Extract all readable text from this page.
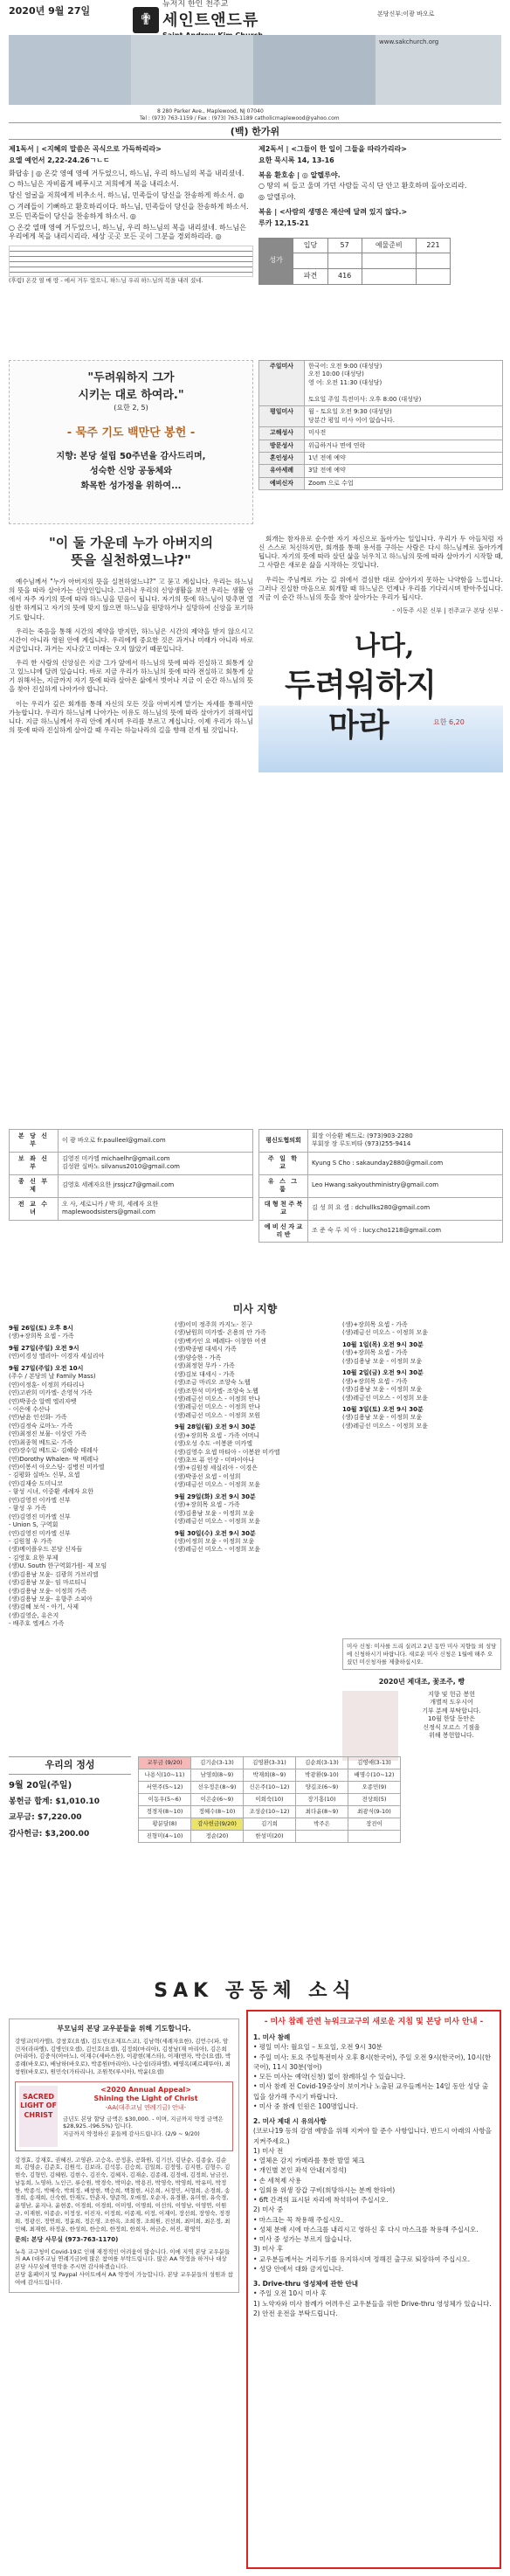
2020년 9월 27일	✟
뉴저지 한인 천주교
세인트앤드류	본당신부:이광 바오로
www.sakchurch.org
8 280 Parker Ave., Maplewood, NJ 07040
Tel : (973) 763-1159 / Fax : (973) 763-1189 catholicmaplewood@yahoo.com
(백) 한가위

제1독서 | <지혜의 말씀은 곡식으로 가득하리라>

요엘 예언서 2,22-24.26ㄱㄴㄷ

화답송 | ◎ 온갖 영예 영예 거두었으니, 하느님, 우리 하느님의 복을 내리셨네.

○ 하느님은 자비롭게 베푸시고 저희에게 복을 내리소서.

당신 얼굴을 저희에게 비추소서. 하느님, 민족들이 당신을 찬송하게 하소서. ◎

○ 겨레들이 기뻐하고 환호하리이다. 하느님, 민족들이 당신을 찬송하게 하소서. 모든 민족들이 당신을 찬송하게 하소서. ◎

○ 온갖 열매 영예 거두었으니, 하느님, 우리 하느님의 복을 내리셨네. 하느님은 우리에게 복을 내리시리라. 세상 곳곳 모든 곳이 그분을 경외하리라. ◎

(후렴) 온갖 열 매 땅 - 에서 거두 었으니, 하느님 우리 하느님의 복을 내려 셨네.

제2독서 | <그들이 한 일이 그들을 따라가리라>

요한 묵시록 14, 13-16

복음 환호송 | ◎ 알렐루야.

○ 땅의 씨 들고 울며 가던 사람들 곡식 단 안고 환호하며 돌아오리라.

◎ 알렐루야.

복음 | <사람의 생명은 재산에 달려 있지 않다.>

루카 12,15-21

성가	입당	57	예물준비	221

	파견	416		
"두려워하지 그가
시키는 대로 하여라."
(요한 2, 5)
- 묵주 기도 백만단 봉헌 -
지향: 본당 설립 50주년을 감사드리며,
성숙한 신앙 공동체와
화목한 성가정을 위하여...
주일미사	한국어: 오전 9:00 (대성당)
오전 10:00 (대성당)
영 어: 오전 11:30 (대성당)

토요일 주일 특전미사: 오후 8:00 (대성당)
평일미사	월 - 토요일 오전 9:30 (대성당)
당분간 평일 미사 이어 없습니다.
고해성사	미사전
방문성사	위급하거나 면에 연락
혼인성사	1년 전에 예약
유아세례	3달 전에 예약
예비신자	Zoom 으로 수업
"이 둘 가운데 누가 아버지의
뜻을 실천하였느냐?"

예수님께서 "누가 아버지의 뜻을 실천하였느냐?" 고 묻고 계십니다. 우리는 하느님의 뜻을 따라 살아가는 신앙인입니다. 그러나 우리의 신앙생활을 보면 우리는 생활 안에서 자주 자기의 뜻에 따라 하느님을 믿음이 됩니다. 자기의 뜻에 하느님이 맞추면 열심한 하게되고 자기의 뜻에 맞지 않으면 하느님을 원망하거나 실망하여 신앙을 포기하기도 합니다.

우리는 죽음을 통해 시간의 제약을 받지만, 하느님은 시간의 제약을 받지 않으시고 시간이 아니라 영원 안에 계십니다. 우리에게 중요한 것은 과거나 미래가 아니라 바로 지금입니다. 과거는 지나갔고 미래는 오지 않았기 때문입니다.

우리 한 사람의 신앙심은 지금 그가 앞에서 하느님의 뜻에 따라 진실하고 회통게 살고 있느냐에 달려 있습니다. 바로 지금 우리가 하느님의 뜻에 따라 전실하고 회통게 살기 위해서는, 지금까지 자기 뜻에 따라 살아온 삶에서 벗어나 지금 이 순간 하느님의 뜻을 찾아 진실하게 나아가야 합니다.

이는 우리가 깊은 회개를 통해 자신의 모든 것을 아버지께 맡기는 자세를 통해서만 가능합니다. 우리가 하느님께 나아가는 이유도 하느님의 뜻에 따라 살아가기 위해서입니다. 지금 하느님께서 우리 안에 계시며 우리를 부르고 계십니다. 이제 우리가 하느님의 뜻에 따라 진실하게 살아갈 때 우리는 하늘나라의 길을 향해 걷게 될 것입니다.

회개는 참자유로 순수한 자기 자신으로 돌아가는 일입니다. 우리가 두 아들처럼 자신 스스로 처신하지만, 회개를 통해 용서를 구하는 사람은 다시 하느님께로 돌아가게 됩니다. 자기의 뜻에 따라 살던 삶을 뉘우치고 하느님의 뜻에 따라 살아가기 시작할 때, 그 사람은 새로운 삶을 시작하는 것입니다.

우리는 주님께로 가는 길 위에서 결심한 대로 살아가지 못하는 나약함을 느낍니다. 그러나 진실한 마음으로 회개할 때 하느님은 언제나 우리를 기다리시며 받아주십니다. 지금 이 순간 하느님의 뜻을 찾아 살아가는 우리가 됩시다.

- 이동주 시몬 신부 | 전주교구 본당 신부 -

나다,
두려워하지
마라	요한 6,20
본 당 신 부	이 광 바오로 fr.paulleel@gmail.com
보 좌 신 부	김영진 미카엘 michaelhr@gmail.com
김성완 실바노 silvanus2010@gmail.com
종 신 부 제	김영호 세례자요한 jrssjcz7@gmail.com
전 교 수 녀	오 사, 세로니카 / 박 희, 세례자 요한 maplewoodsisters@gmail.com
평신도협의회	회장 이승환 베드로: (973)903-2280
부회장 장 루도비타 (973)255-9414
주 일 학 교	Kyung S Cho : sakaunday2880@gmail.com
유 스 그 룹	Leo Hwang:sakyouthministry@gmail.com
대 형 천 주 북 교	김 성 희 요 셉 : dchullks280@gmail.com
예 비 신 자 교 리 반	조 준 숙 루 치 아 : lucy.cho1218@gmail.com
미사 지향
9월 26일(토) 오후 8시
(생)+장희목 요셉 - 가족
9월 27일(주일) 오전 9시
(연)이경성 엘리아- 이경자 세실리아
9월 27일(주일) 오전 10시
(주수 / 본당의 날 Family Mass)
(연)이정훈- 이정희 카타리나
(연)고관희 미카엘- 손영석 가족
(연)박종순 알렉 엘리자벳
- 이은애 수산나
(연)남윤 인선화- 가족
(연)김정숙 로마노- 가족
(연)최정진 보물- 이상린 가족
(연)최종혁 베드로- 가족
(연)장수일 베드로- 김혜승 테레사
(연)Dorothy Whalen- 딱 베레나
(연)이봉서 아오스딩- 김병진 미카엘
- 김평화 실바노 신부, 요셉
(연)김재승 도미니코
- 함성 시녀, 이중환 세례자 요한
(연)김영진 이카엘 신부
- 함성 우 가족
(연)김영진 미카엘 신부
- Union S, 구역회
(연)김영진 미카엘 신부
- 김원철 우 가족
(생)메이플우드 본당 신자들
- 김영호 요한 부제
(생)U. South 한구역회가원- 제 모임
(생)김용남 모윤- 김광희 가브리엘
(생)김용남 모윤- 임 마르티니
(생)김용남 모윤- 이정희 가족
(생)김용남 모윤- 유향주 소피아
(생)김혜 보석 - 아기, 사제
(생)김영순, 유은지
- 배주호 엘케스 가족
(생)이미 정주희 카지노- 친구
(생)남원희 미카엘- 온용의 안 가족
(생)백카인 요 베레다- 이창한 어센
(생)박종범 대세시 가족
(생)양승한 - 가족
(생)최정현 무카 - 가족
(생)김보 대세시 - 가족
(생)조금 마리오 조앙숙 노웹
(생)조한석 미카엘- 조앙숙 노웹
(생)레금선 미오스 - 이정희 안나
(생)레금선 미오스 - 이정희 안나
(생)레금선 미오스 - 이정희 모원
9월 28일(월) 오전 9시 30분
(생)+장희목 요셉 - 가족 어머니
(생)오성 수도 -이봉완 미카엘
(생)김영수 요셉 마티아 - 이봉완 미카엘
(생)초프 퓨 인상 - 미바이아나
(생)+김원정 세실리아 - 이경은
(생)박종선 요셉 - 이성희
(생)데금선 미오스 - 이정희 모윤
9월 29일(화) 오전 9시 30분
(생)+장희목 요셉 - 가족
(생)김용남 모윤 - 이정희 모윤
(생)레금선 미오스 - 이정희 모윤
9월 30일(수) 오전 9시 30분
(생)이정희 모윤 - 이정희 모윤
(생)레금선 미오스 - 이정희 모윤
(생)+장희목 요셉 - 가족
(생)레금선 미오스 - 이정희 모윤
10월 1일(목) 오전 9시 30분
(생)+장희목 요셉 - 가족
(생)김용남 모윤 - 이정희 모윤
10월 2일(금) 오전 9시 30분
(생)+장희목 요셉 - 가족
(생)김용남 모윤 - 이정희 모윤
(생)레금선 미오스 - 이정희 모윤
10월 3일(토) 오전 9시 30분
(생)김용남 모윤 - 이정희 모윤
(생)레금선 미오스 - 이정희 모윤
미사 신청: 미사를 드리 실려고 2년 동안 미사 지향들 외 성당에 신청하시기 바랍니다. 새로운 미사 신청은 1월에 해주 오셨던 미신청자를 제출하십시오.
2020년 제대조, 꽃조주, 빵
지향 및 헌금 봉헌
개별적 도우시어
기부 분께 부탁합니다.
10월 한달 동안은
신정식 모르스 기점을
위해 봉헌합니다.
우리의 정성
9월 20일(주일)
봉헌금 합계: $1,010.10
교무금: $7,220.00
감사헌금: $3,200.00
교무금 (9/20)	김기순(3-13)	김영환(3-31)	김순희(3-13)	김영애(3-13)
나용식(10~11)	남영희(8~9)	박재희(8~9)	박광환(9-10)	배명수(10~12)
서연주(5~12)	선우정은(8~9)	신은주(10~12)	양길조(6~9)	오종민(9)
이동우(5~6)	이은순(6~9)	이희숙(10)	장기홍(10)	전상희(5)
정경자(8~10)	정혜수(8~10)	조성순(10~12)	최다윤(8~9)	최광식(9-10)
황분달(8)	감사헌금(9/20)	김기희	박주은	장진이
진형미(4~10)	정순(20)	한성미(20)		
SAK 공동체 소식
부모님의 본당 교우분들을 위해 기도합니다.
강영교(미카엘), 강창호(요셉), 김도빈(조제프스코), 김남혁(세례자요한), 김언수(파, 암건자(라파엘), 김병인(오셉), 김인호(요셉), 김정희(마리아), 김창남(재 마리아), 김은희(마리아), 김중식(아마노), 이재수(세바스찬), 이광현(체스타), 이재(엔자, 박승(요셉), 박종례(바오로), 배남하(바오로), 박종원(마리아), 나승섭(라파엘), 배영옥(페르페뚜아), 최창원(바오로), 원민숙(가타리나), 조원묵(루시아), 박윤(요셉)
SACRED LIGHT OF CHRIST
<2020 Annual Appeal>
Shining the Light of Christ
-AA(대주교님 연례기금) 안내-
금년도 본당 할당 금액은 $30,000. - 이며, 지금까지 약정 금액은 $28,925.-(96.5%) 입니다.
지금까지 약정하신 분들께 감사드립니다. (2/9 ~ 9/20)
강경효, 강재호, 권혜진, 고영관, 고승옥, 공정훈, 공화원, 김기선, 김단순, 김종술, 김순희, 김영순, 김준호, 김원석, 김보라, 김석봉, 김승희, 김일희, 김정영, 김지현, 김형수, 김현숙, 김형민, 김혜원, 김현수, 김진숙, 김혜자, 김재순, 김종례, 김정애, 김정희, 남금선, 남동희, 노영하, 노인근, 류승원, 박경숙, 박미순, 박용진, 박영숙, 박영희, 박유미, 박정한, 박종석, 박혜숙, 박희정, 배창현, 백승희, 백철현, 서은희, 서정민, 서형희, 손경희, 송경희, 송재희, 신숙현, 안재도, 안춘자, 양준혁, 오매경, 오순자, 유경환, 유미현, 유숙경, 윤영남, 윤지나, 윤현종, 이경희, 이경희, 이미영, 이명희, 이선의, 이영남, 이영연, 이원규, 이재현, 이종순, 이정성, 이진자, 이정희, 이종제, 이정, 이재이, 장선희, 장영숙, 정경희, 정광신, 정연희, 정윤희, 정은영, 조한옥, 조희경, 조희원, 진선희, 최미희, 최은정, 최인혜, 최재현, 하정운, 한성희, 한승희, 한정희, 한희자, 허금순, 허진, 황영익
문의: 본당 사무실 (973-763-1170)
뉴욕 교구청이 Covid-19로 인해 재정적인 어려움이 많습니다. 이에 지역 본당 교우분들의 AA (대주교님 연례기금)에 많은 참여를 부탁드립니다. 많은 AA 약정을 하거나 대상 본당 사무실에 연락을 주시면 감사하겠습니다.
본당 홈페이지 및 Paypal 사이트에서 AA 약정이 가능합니다. 본당 교우분들의 성원과 참여에 감사드립니다.
- 미사 참례 관련 뉴워크교구의 새로운 지침 및 본당 미사 안내 -
1. 미사 참례
• 평일 미사: 월요일 – 토요일, 오전 9시 30분
• 주일 미사: 토요 주일특전미사 오후 8시(한국어), 주일 오전 9시(한국어), 10시(한국어), 11시 30분(영어)
• 모든 미사는 예약(신청) 없이 참례하실 수 있습니다.
• 미사 참례 전 Covid-19증상이 보이거나 노출된 교우들께서는 14일 동안 성당 출입을 삼가해 주시기 바랍니다.
• 미사 중 참례 인원은 100명입니다.
2. 미사 제대 시 유의사항
(코로나19 등의 감염 예방을 위해 지켜야 할 준수 사항입니다. 반드시 아래의 사항을 지켜주세요.)
1) 미사 전
• 열체온 감지 카메라를 통한 발열 체크
• 개인별 본인 좌석 안내(지정석)
• 손 세척제 사용
• 일회용 위생 장갑 구비(희망하시는 분께 한하여)
• 6ft 간격의 표시된 자리에 착석하여 주십시오.
2) 미사 중
• 마스크는 꼭 착용해 주십시오.
• 성체 분배 시에 마스크를 내리시고 영하신 후 다시 마스크를 착용해 주십시오.
• 미사 중 성가는 부르지 않습니다.
3) 미사 후
• 교우분들께서는 거리두기를 유지하시며 정해진 출구로 퇴장하여 주십시오.
• 성당 안에서 대화 금지입니다.
3. Drive-thru 영성체에 관한 안내
• 주일 오전 10시 미사 후
1) 노약자와 미사 참례가 어려우신 교우분들을 위한 Drive-thru 영성체가 있습니다.
2) 안전 운전을 부탁드립니다.
